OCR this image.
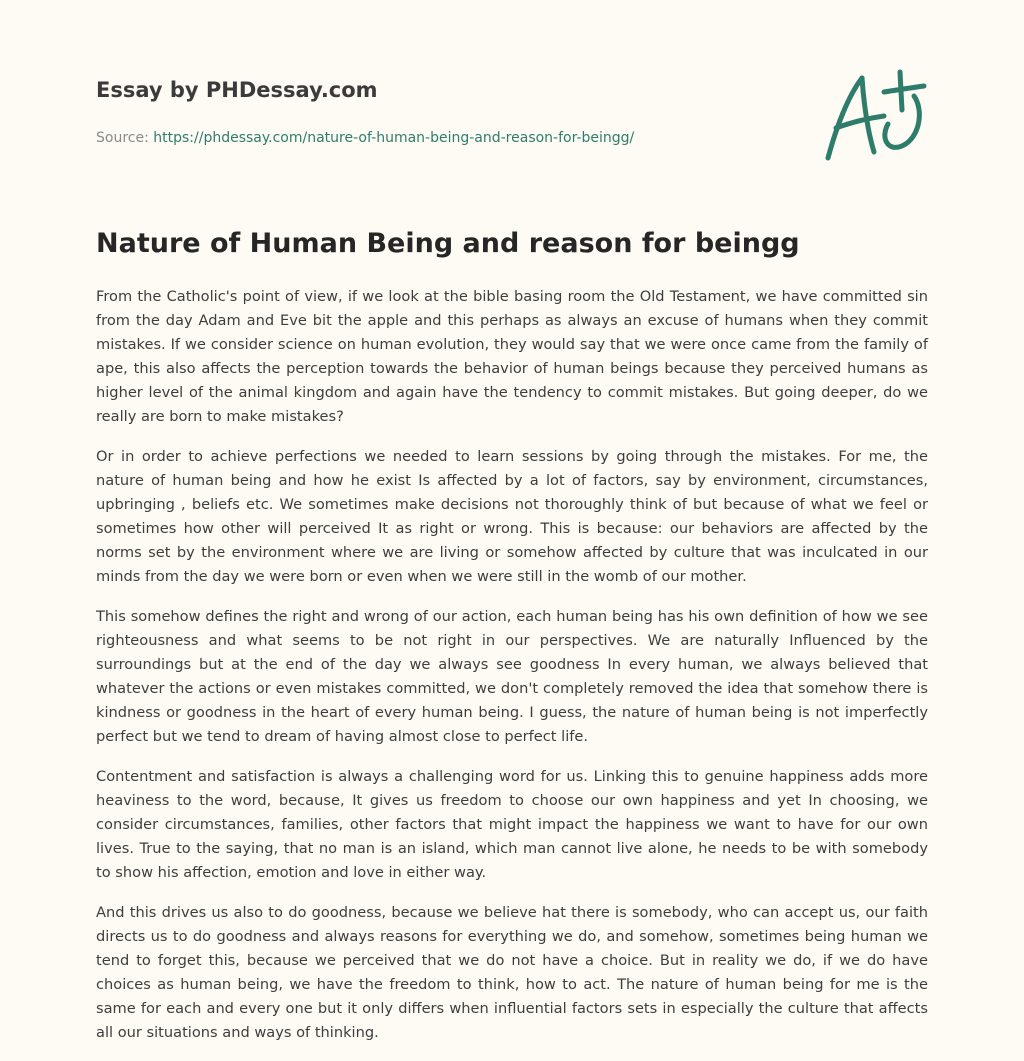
Essay by PHDessay.com
Source: https://phdessay.com/nature-of-human-being-and-reason-for-beingg/
Nature of Human Being and reason for beingg

From the Catholic's point of view, if we look at the bible basing room the Old Testament, we have committed sin from the day Adam and Eve bit the apple and this perhaps as always an excuse of humans when they commit mistakes. If we consider science on human evolution, they would say that we were once came from the family of ape, this also affects the perception towards the behavior of human beings because they perceived humans as higher level of the animal kingdom and again have the tendency to commit mistakes. But going deeper, do we really are born to make mistakes?

Or in order to achieve perfections we needed to learn sessions by going through the mistakes. For me, the nature of human being and how he exist Is affected by a lot of factors, say by environment, circumstances, upbringing , beliefs etc. We sometimes make decisions not thoroughly think of but because of what we feel or sometimes how other will perceived It as right or wrong. This is because: our behaviors are affected by the norms set by the environment where we are living or somehow affected by culture that was inculcated in our minds from the day we were born or even when we were still in the womb of our mother.

This somehow defines the right and wrong of our action, each human being has his own definition of how we see righteousness and what seems to be not right in our perspectives. We are naturally Influenced by the surroundings but at the end of the day we always see goodness In every human, we always believed that whatever the actions or even mistakes committed, we don't completely removed the idea that somehow there is kindness or goodness in the heart of every human being. I guess, the nature of human being is not imperfectly perfect but we tend to dream of having almost close to perfect life.

Contentment and satisfaction is always a challenging word for us. Linking this to genuine happiness adds more heaviness to the word, because, It gives us freedom to choose our own happiness and yet In choosing, we consider circumstances, families, other factors that might impact the happiness we want to have for our own lives. True to the saying, that no man is an island, which man cannot live alone, he needs to be with somebody to show his affection, emotion and love in either way.

And this drives us also to do goodness, because we believe hat there is somebody, who can accept us, our faith directs us to do goodness and always reasons for everything we do, and somehow, sometimes being human we tend to forget this, because we perceived that we do not have a choice. But in reality we do, if we do have choices as human being, we have the freedom to think, how to act. The nature of human being for me is the same for each and every one but it only differs when influential factors sets in especially the culture that affects all our situations and ways of thinking.
